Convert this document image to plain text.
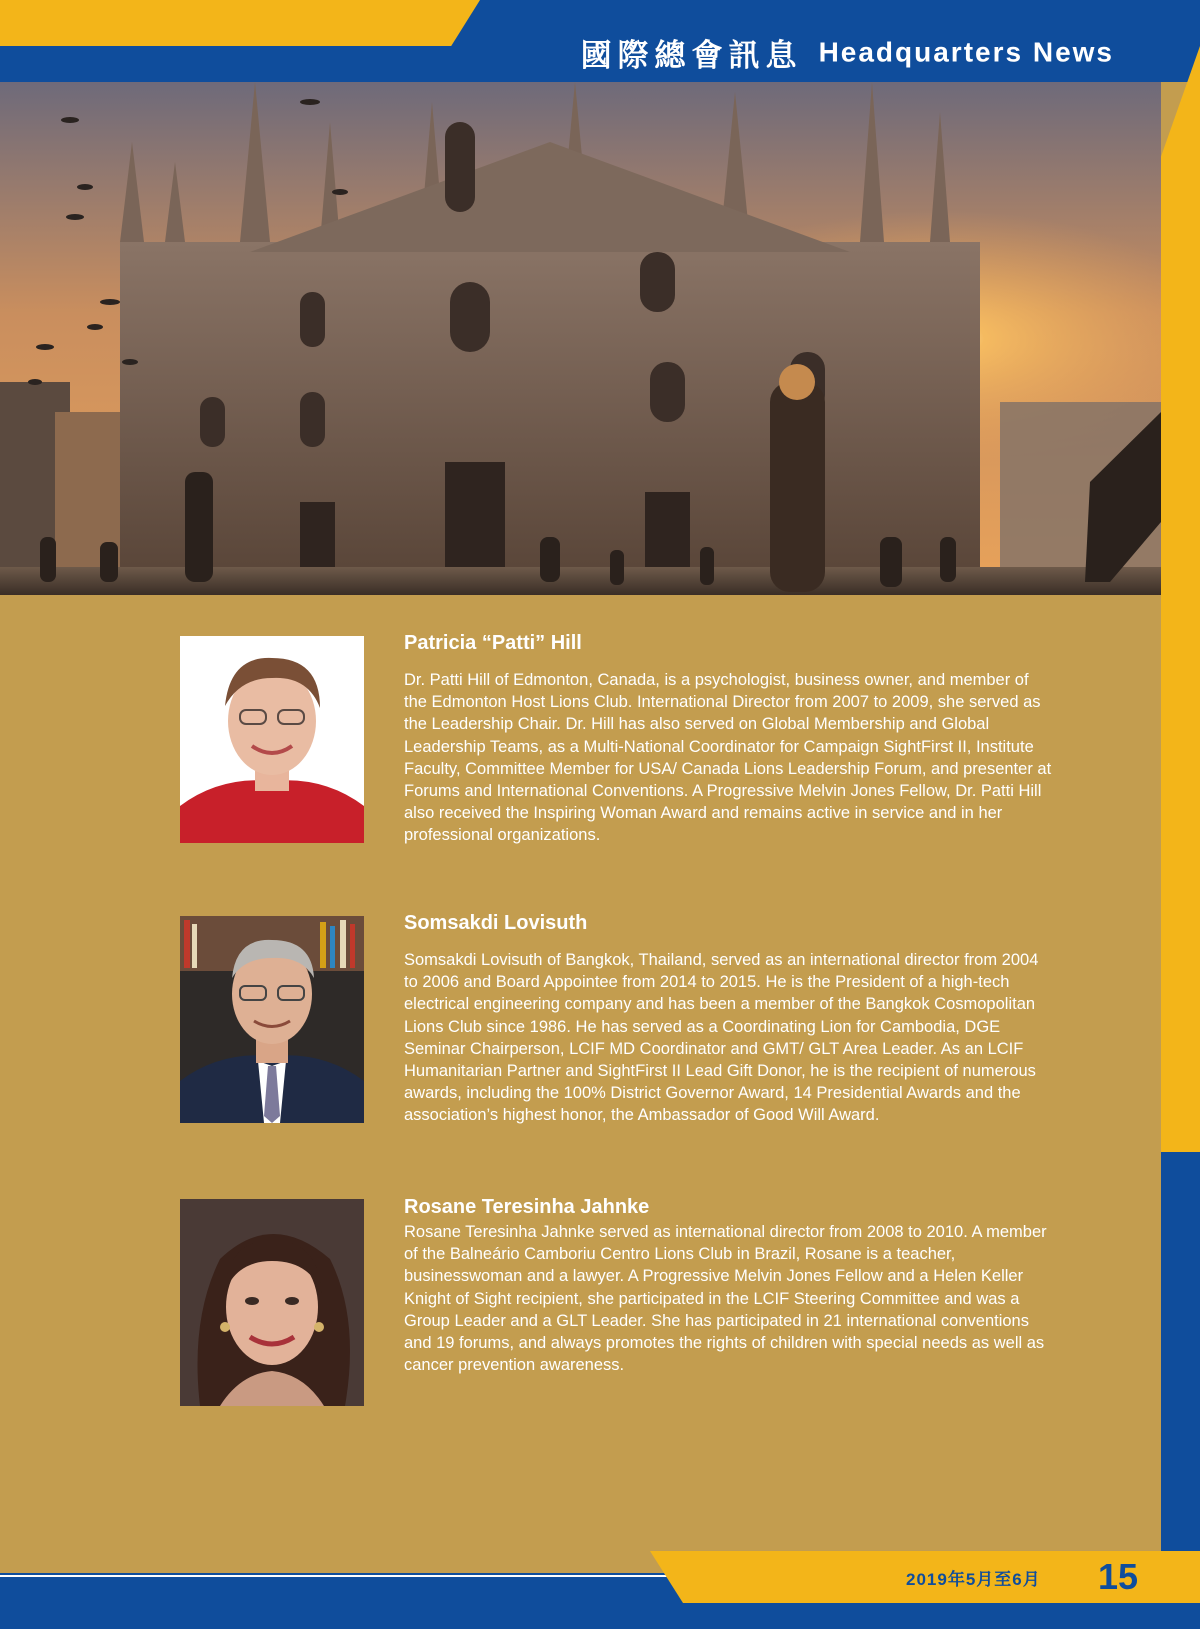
國際總會訊息 Headquarters News
Patricia “Patti” Hill

Dr. Patti Hill of Edmonton, Canada, is a psychologist, business owner, and member of the Edmonton Host Lions Club. International Director from 2007 to 2009, she served as the Leadership Chair. Dr. Hill has also served on Global Membership and Global Leadership Teams, as a Multi-National Coordinator for Campaign SightFirst II, Institute Faculty, Committee Member for USA/ Canada Lions Leadership Forum, and presenter at Forums and International Conventions. A Progressive Melvin Jones Fellow, Dr. Patti Hill also received the Inspiring Woman Award and remains active in service and in her professional organizations.

Somsakdi Lovisuth

Somsakdi Lovisuth of Bangkok, Thailand, served as an international director from 2004 to 2006 and Board Appointee from 2014 to 2015. He is the President of a high-tech electrical engineering company and has been a member of the Bangkok Cosmopolitan Lions Club since 1986. He has served as a Coordinating Lion for Cambodia, DGE Seminar Chairperson, LCIF MD Coordinator and GMT/ GLT Area Leader. As an LCIF Humanitarian Partner and SightFirst II Lead Gift Donor, he is the recipient of numerous awards, including the 100% District Governor Award, 14 Presidential Awards and the association’s highest honor, the Ambassador of Good Will Award.

Rosane Teresinha Jahnke

Rosane Teresinha Jahnke served as international director from 2008 to 2010. A member of the Balneário Camboriu Centro Lions Club in Brazil, Rosane is a teacher, businesswoman and a lawyer. A Progressive Melvin Jones Fellow and a Helen Keller Knight of Sight recipient, she participated in the LCIF Steering Committee and was a Group Leader and a GLT Leader. She has participated in 21 international conventions and 19 forums, and always promotes the rights of children with special needs as well as cancer prevention awareness.

2019年5月至6月 15
